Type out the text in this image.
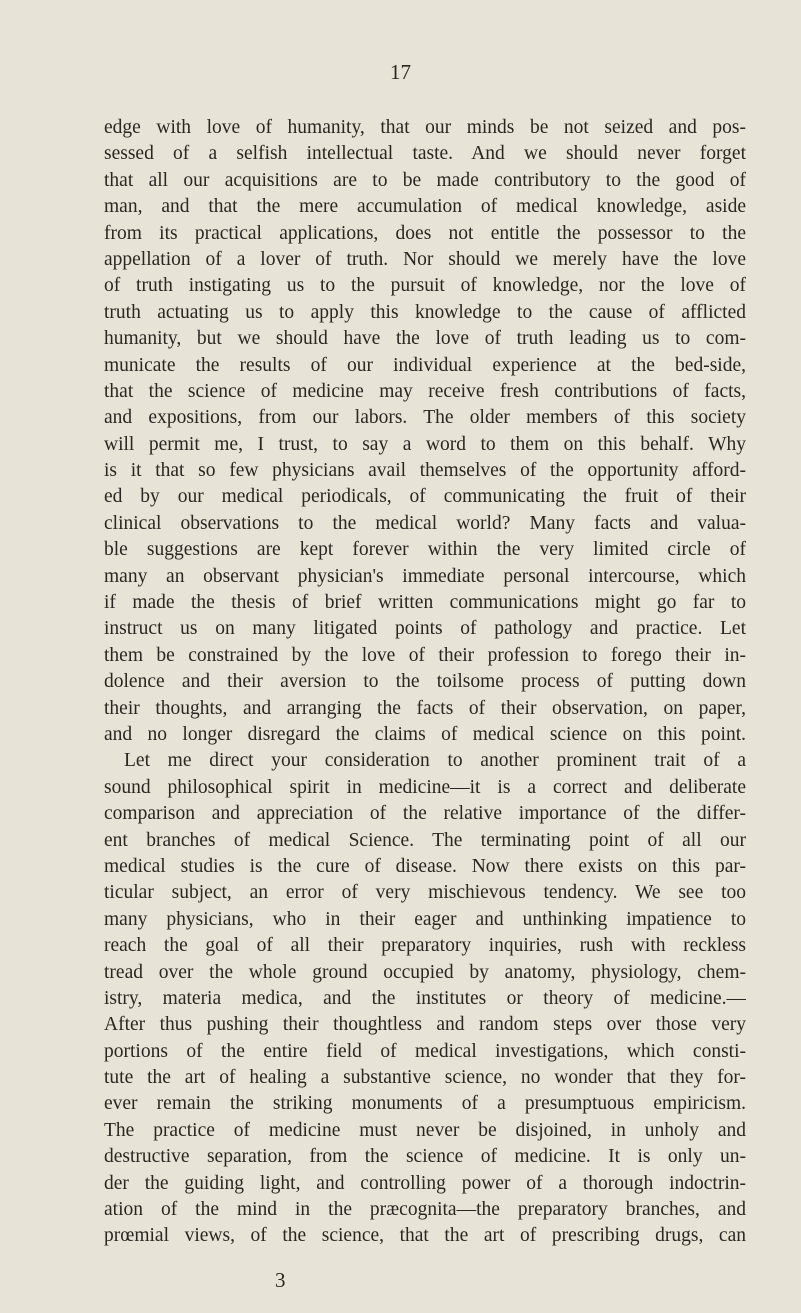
17
edge with love of humanity, that our minds be not seized and pos-
sessed of a selfish intellectual taste. And we should never forget
that all our acquisitions are to be made contributory to the good of
man, and that the mere accumulation of medical knowledge, aside
from its practical applications, does not entitle the possessor to the
appellation of a lover of truth. Nor should we merely have the love
of truth instigating us to the pursuit of knowledge, nor the love of
truth actuating us to apply this knowledge to the cause of afflicted
humanity, but we should have the love of truth leading us to com-
municate the results of our individual experience at the bed-side,
that the science of medicine may receive fresh contributions of facts,
and expositions, from our labors. The older members of this society
will permit me, I trust, to say a word to them on this behalf. Why
is it that so few physicians avail themselves of the opportunity afford-
ed by our medical periodicals, of communicating the fruit of their
clinical observations to the medical world? Many facts and valua-
ble suggestions are kept forever within the very limited circle of
many an observant physician's immediate personal intercourse, which
if made the thesis of brief written communications might go far to
instruct us on many litigated points of pathology and practice. Let
them be constrained by the love of their profession to forego their in-
dolence and their aversion to the toilsome process of putting down
their thoughts, and arranging the facts of their observation, on paper,
and no longer disregard the claims of medical science on this point.
Let me direct your consideration to another prominent trait of a
sound philosophical spirit in medicine—it is a correct and deliberate
comparison and appreciation of the relative importance of the differ-
ent branches of medical Science. The terminating point of all our
medical studies is the cure of disease. Now there exists on this par-
ticular subject, an error of very mischievous tendency. We see too
many physicians, who in their eager and unthinking impatience to
reach the goal of all their preparatory inquiries, rush with reckless
tread over the whole ground occupied by anatomy, physiology, chem-
istry, materia medica, and the institutes or theory of medicine.—
After thus pushing their thoughtless and random steps over those very
portions of the entire field of medical investigations, which consti-
tute the art of healing a substantive science, no wonder that they for-
ever remain the striking monuments of a presumptuous empiricism.
The practice of medicine must never be disjoined, in unholy and
destructive separation, from the science of medicine. It is only un-
der the guiding light, and controlling power of a thorough indoctrin-
ation of the mind in the præcognita—the preparatory branches, and
prœmial views, of the science, that the art of prescribing drugs, can
3
